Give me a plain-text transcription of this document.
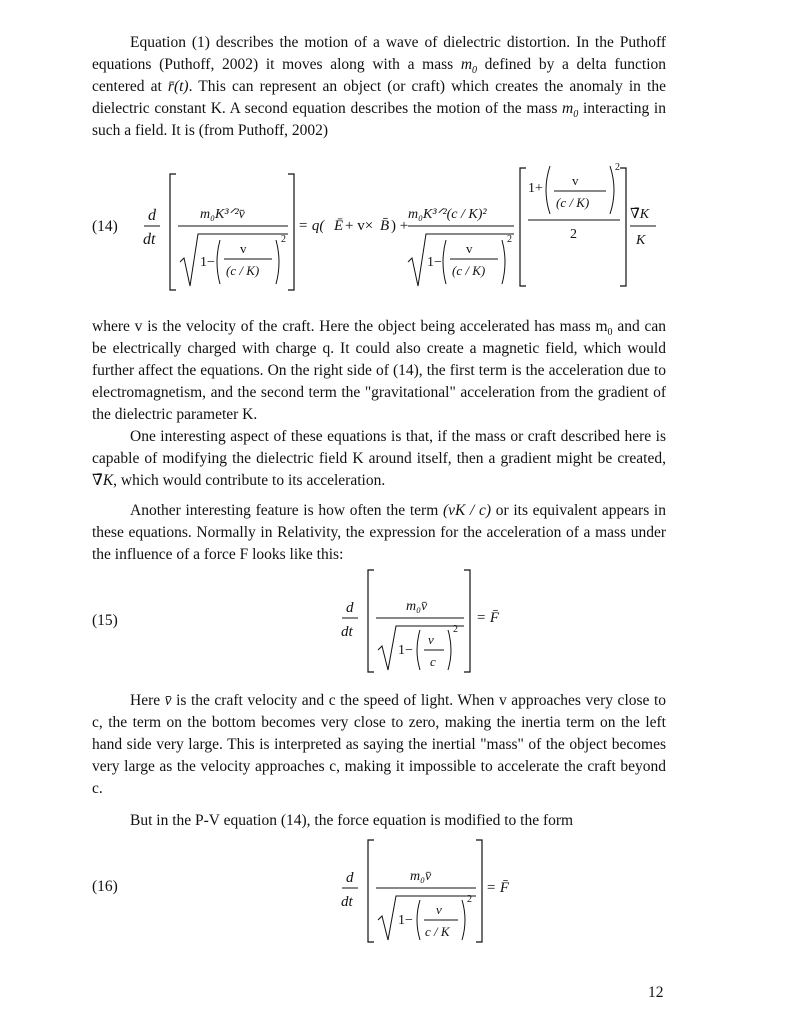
Equation (1) describes the motion of a wave of dielectric distortion. In the Puthoff equations (Puthoff, 2002) it moves along with a mass $m_0$ defined by a delta function centered at r̄(t). This can represent an object (or craft) which creates the anomaly in the dielectric constant K. A second equation describes the motion of the mass $m_0$ interacting in such a field. It is (from Puthoff, 2002)

(14)
d
dt
m₀K³ᐟ²v̄
1−
v
(c / K)
2
= q( Ē + v× B̄ ) +
m₀K³ᐟ²(c / K)²
1−
v
(c / K)
2
1+
v
(c / K)
2
2
∇̄K
K

where v is the velocity of the craft. Here the object being accelerated has mass $m_0$ and can be electrically charged with charge q. It could also create a magnetic field, which would further affect the equations. On the right side of (14), the first term is the acceleration due to electromagnetism, and the second term the "gravitational" acceleration from the gradient of the dielectric parameter K.

One interesting aspect of these equations is that, if the mass or craft described here is capable of modifying the dielectric field K around itself, then a gradient might be created, ∇̄K, which would contribute to its acceleration.

Another interesting feature is how often the term (vK / c) or its equivalent appears in these equations. Normally in Relativity, the expression for the acceleration of a mass under the influence of a force F looks like this:

(15)
d
dt
m₀v̄
1−
v
c
2
= F̄

Here v̄ is the craft velocity and c the speed of light. When v approaches very close to c, the term on the bottom becomes very close to zero, making the inertia term on the left hand side very large. This is interpreted as saying the inertial "mass" of the object becomes very large as the velocity approaches c, making it impossible to accelerate the craft beyond c.

But in the P-V equation (14), the force equation is modified to the form

(16)	d
dt
m₀v̄
1−
v
c / K
2
= F̄
12
